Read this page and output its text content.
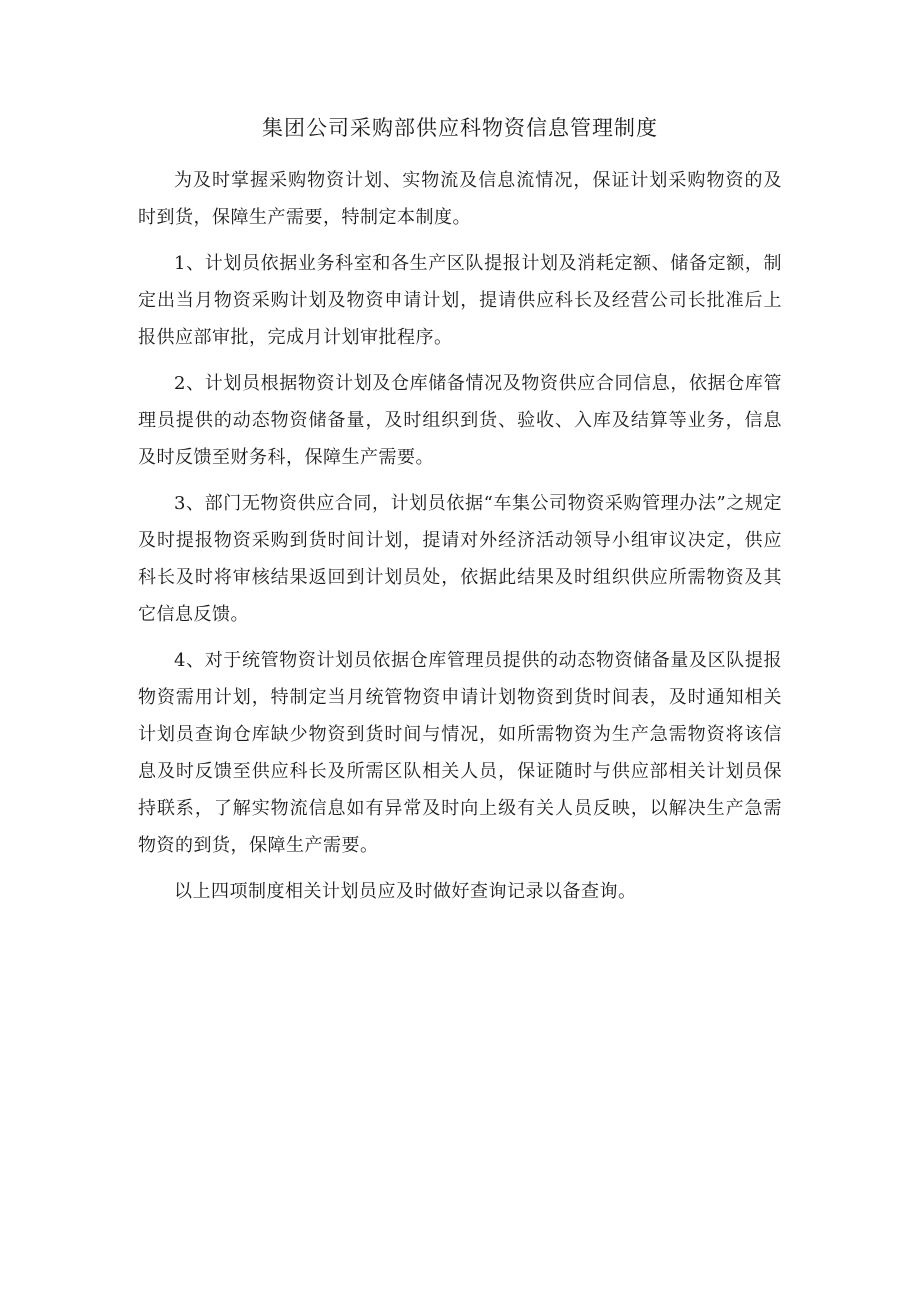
集团公司采购部供应科物资信息管理制度

为及时掌握采购物资计划、实物流及信息流情况，保证计划采购物资的及时到货，保障生产需要，特制定本制度。

1、计划员依据业务科室和各生产区队提报计划及消耗定额、储备定额，制定出当月物资采购计划及物资申请计划，提请供应科长及经营公司长批准后上报供应部审批，完成月计划审批程序。

2、计划员根据物资计划及仓库储备情况及物资供应合同信息，依据仓库管理员提供的动态物资储备量，及时组织到货、验收、入库及结算等业务，信息及时反馈至财务科，保障生产需要。

3、部门无物资供应合同，计划员依据“车集公司物资采购管理办法”之规定及时提报物资采购到货时间计划，提请对外经济活动领导小组审议决定，供应科长及时将审核结果返回到计划员处，依据此结果及时组织供应所需物资及其它信息反馈。

4、对于统管物资计划员依据仓库管理员提供的动态物资储备量及区队提报物资需用计划，特制定当月统管物资申请计划物资到货时间表，及时通知相关计划员查询仓库缺少物资到货时间与情况，如所需物资为生产急需物资将该信息及时反馈至供应科长及所需区队相关人员，保证随时与供应部相关计划员保持联系，了解实物流信息如有异常及时向上级有关人员反映，以解决生产急需物资的到货，保障生产需要。

以上四项制度相关计划员应及时做好查询记录以备查询。
